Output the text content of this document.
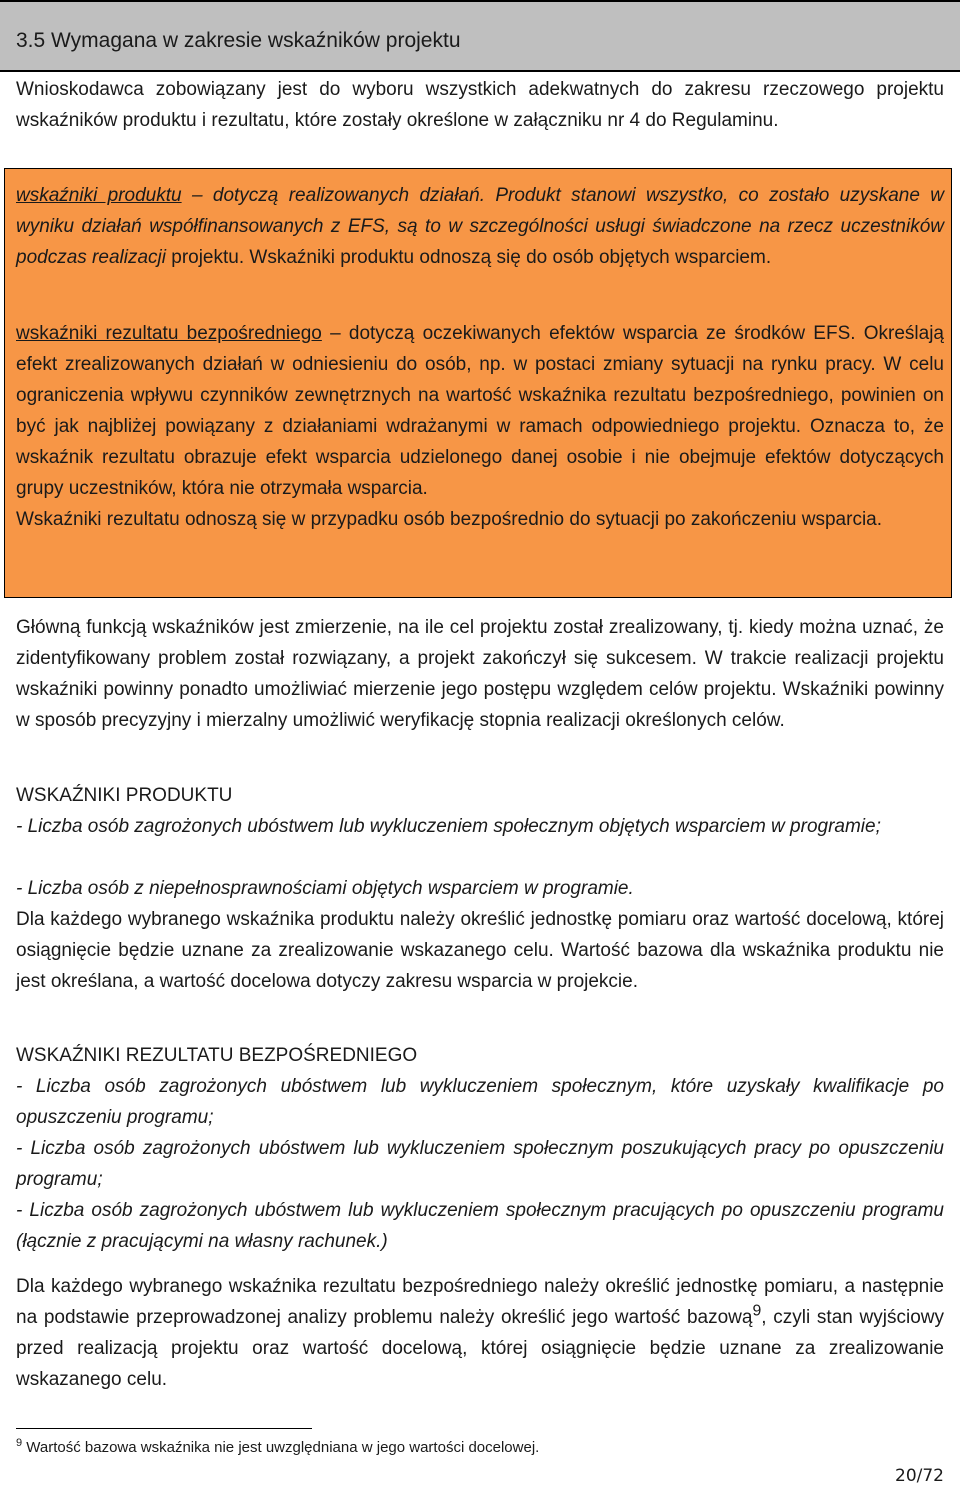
3.5 Wymagana w zakresie wskaźników projektu

Wnioskodawca zobowiązany jest do wyboru wszystkich adekwatnych do zakresu rzeczowego projektu wskaźników produktu i rezultatu, które zostały określone w załączniku nr 4 do Regulaminu.

wskaźniki produktu – dotyczą realizowanych działań. Produkt stanowi wszystko, co zostało uzyskane w wyniku działań współfinansowanych z EFS, są to w szczególności usługi świadczone na rzecz uczestników podczas realizacji projektu. Wskaźniki produktu odnoszą się do osób objętych wsparciem.

wskaźniki rezultatu bezpośredniego – dotyczą oczekiwanych efektów wsparcia ze środków EFS. Określają efekt zrealizowanych działań w odniesieniu do osób, np. w postaci zmiany sytuacji na rynku pracy. W celu ograniczenia wpływu czynników zewnętrznych na wartość wskaźnika rezultatu bezpośredniego, powinien on być jak najbliżej powiązany z działaniami wdrażanymi w ramach odpowiedniego projektu. Oznacza to, że wskaźnik rezultatu obrazuje efekt wsparcia udzielonego danej osobie i nie obejmuje efektów dotyczących grupy uczestników, która nie otrzymała wsparcia.
Wskaźniki rezultatu odnoszą się w przypadku osób bezpośrednio do sytuacji po zakończeniu wsparcia.

Główną funkcją wskaźników jest zmierzenie, na ile cel projektu został zrealizowany, tj. kiedy można uznać, że zidentyfikowany problem został rozwiązany, a projekt zakończył się sukcesem. W trakcie realizacji projektu wskaźniki powinny ponadto umożliwiać mierzenie jego postępu względem celów projektu. Wskaźniki powinny w sposób precyzyjny i mierzalny umożliwić weryfikację stopnia realizacji określonych celów.

WSKAŹNIKI PRODUKTU

- Liczba osób zagrożonych ubóstwem lub wykluczeniem społecznym objętych wsparciem w programie;

- Liczba osób z niepełnosprawnościami objętych wsparciem w programie.

Dla każdego wybranego wskaźnika produktu należy określić jednostkę pomiaru oraz wartość docelową, której osiągnięcie będzie uznane za zrealizowanie wskazanego celu. Wartość bazowa dla wskaźnika produktu nie jest określana, a wartość docelowa dotyczy zakresu wsparcia w projekcie.

WSKAŹNIKI REZULTATU BEZPOŚREDNIEGO

- Liczba osób zagrożonych ubóstwem lub wykluczeniem społecznym, które uzyskały kwalifikacje po opuszczeniu programu;

- Liczba osób zagrożonych ubóstwem lub wykluczeniem społecznym poszukujących pracy po opuszczeniu programu;

- Liczba osób zagrożonych ubóstwem lub wykluczeniem społecznym pracujących po opuszczeniu programu (łącznie z pracującymi na własny rachunek.)

Dla każdego wybranego wskaźnika rezultatu bezpośredniego należy określić jednostkę pomiaru, a następnie na podstawie przeprowadzonej analizy problemu należy określić jego wartość bazową$^9$, czyli stan wyjściowy przed realizacją projektu oraz wartość docelową, której osiągnięcie będzie uznane za zrealizowanie wskazanego celu.

$^9$ Wartość bazowa wskaźnika nie jest uwzględniana w jego wartości docelowej.
20/72
